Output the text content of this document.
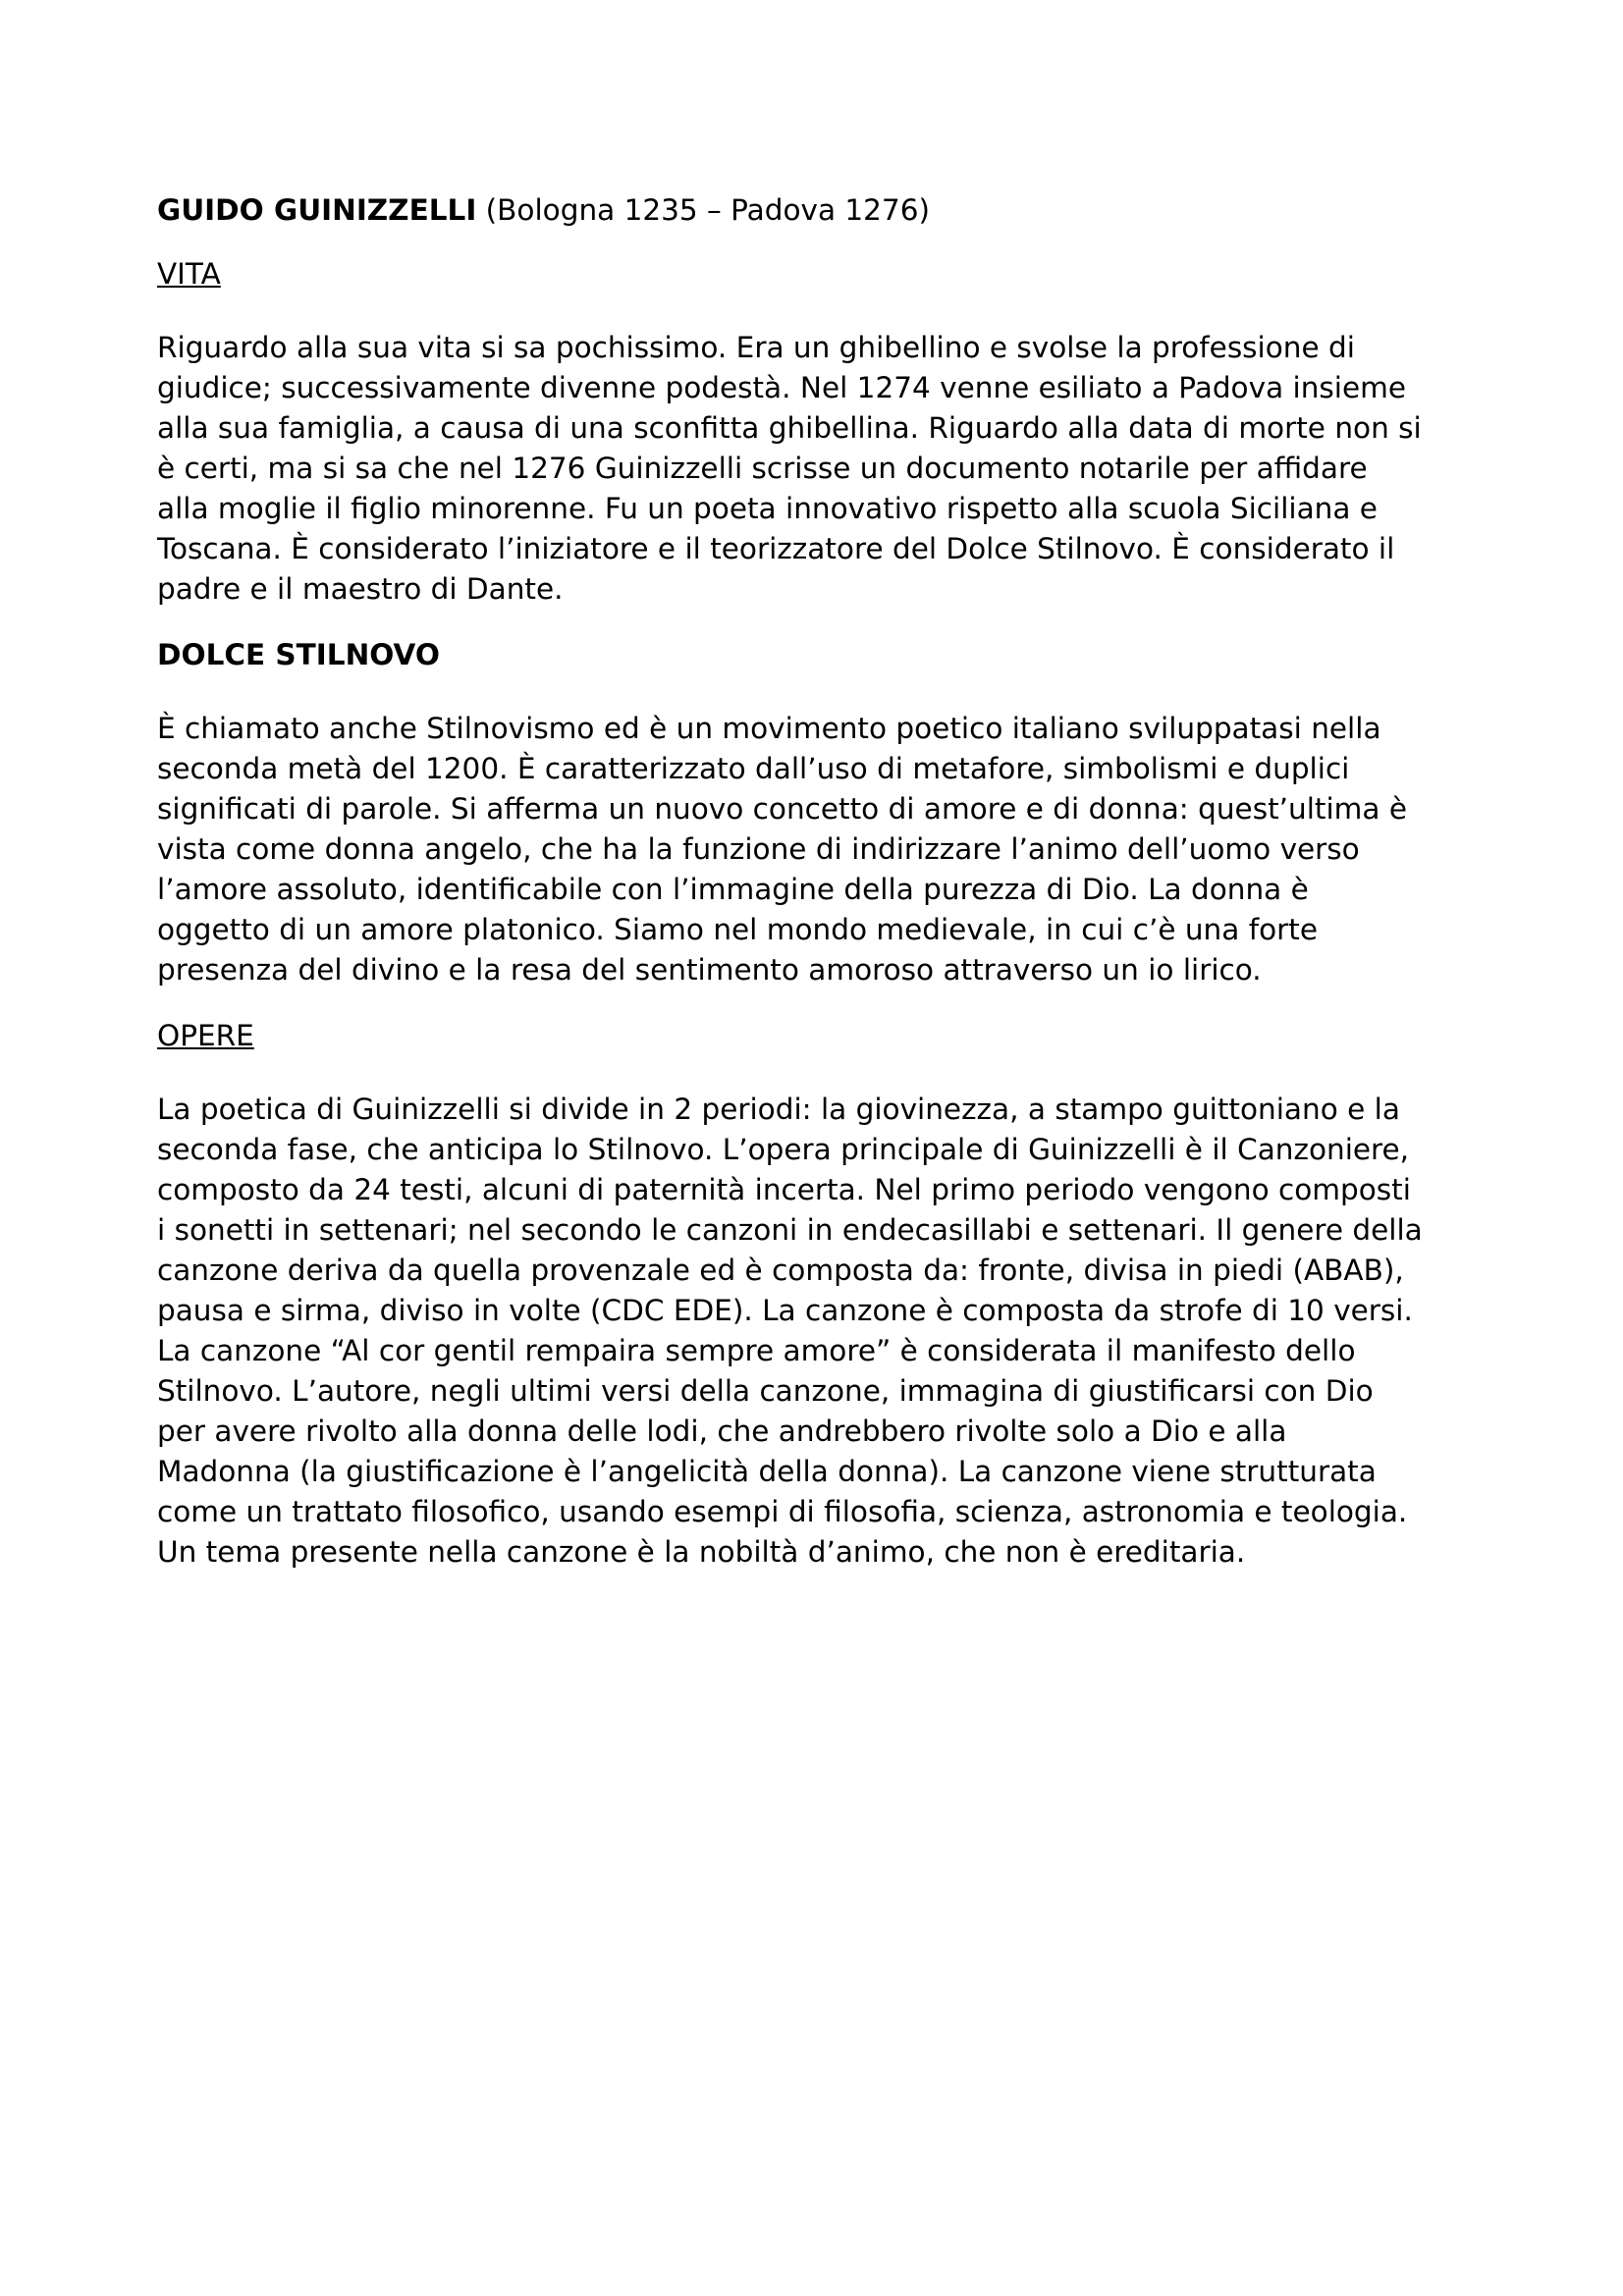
GUIDO GUINIZZELLI (Bologna 1235 – Padova 1276)

VITA

Riguardo alla sua vita si sa pochissimo. Era un ghibellino e svolse la professione di

giudice; successivamente divenne podestà. Nel 1274 venne esiliato a Padova insieme

alla sua famiglia, a causa di una sconfitta ghibellina. Riguardo alla data di morte non si

è certi, ma si sa che nel 1276 Guinizzelli scrisse un documento notarile per affidare

alla moglie il figlio minorenne. Fu un poeta innovativo rispetto alla scuola Siciliana e

Toscana. È considerato l’iniziatore e il teorizzatore del Dolce Stilnovo. È considerato il

padre e il maestro di Dante.

DOLCE STILNOVO

È chiamato anche Stilnovismo ed è un movimento poetico italiano sviluppatasi nella

seconda metà del 1200. È caratterizzato dall’uso di metafore, simbolismi e duplici

significati di parole. Si afferma un nuovo concetto di amore e di donna: quest’ultima è

vista come donna angelo, che ha la funzione di indirizzare l’animo dell’uomo verso

l’amore assoluto, identificabile con l’immagine della purezza di Dio. La donna è

oggetto di un amore platonico. Siamo nel mondo medievale, in cui c’è una forte

presenza del divino e la resa del sentimento amoroso attraverso un io lirico.

OPERE

La poetica di Guinizzelli si divide in 2 periodi: la giovinezza, a stampo guittoniano e la

seconda fase, che anticipa lo Stilnovo. L’opera principale di Guinizzelli è il Canzoniere,

composto da 24 testi, alcuni di paternità incerta. Nel primo periodo vengono composti

i sonetti in settenari; nel secondo le canzoni in endecasillabi e settenari. Il genere della

canzone deriva da quella provenzale ed è composta da: fronte, divisa in piedi (ABAB),

pausa e sirma, diviso in volte (CDC EDE). La canzone è composta da strofe di 10 versi.

La canzone “Al cor gentil rempaira sempre amore” è considerata il manifesto dello

Stilnovo. L’autore, negli ultimi versi della canzone, immagina di giustificarsi con Dio

per avere rivolto alla donna delle lodi, che andrebbero rivolte solo a Dio e alla

Madonna (la giustificazione è l’angelicità della donna). La canzone viene strutturata

come un trattato filosofico, usando esempi di filosofia, scienza, astronomia e teologia.

Un tema presente nella canzone è la nobiltà d’animo, che non è ereditaria.
